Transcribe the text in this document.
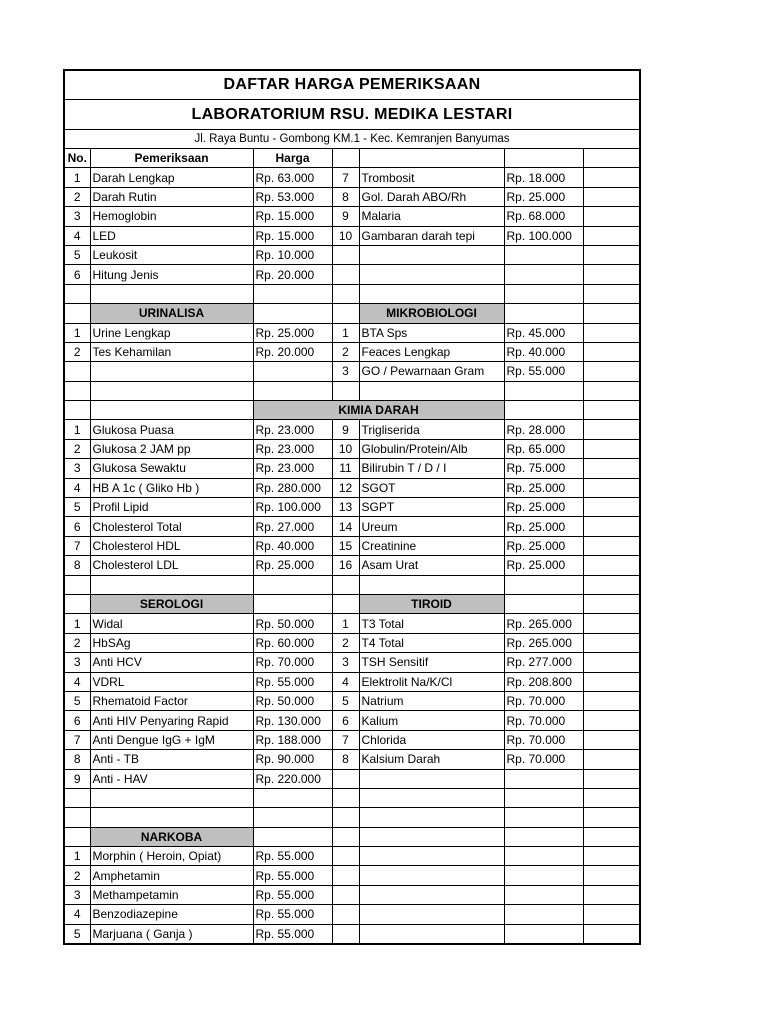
DAFTAR HARGA PEMERIKSAAN
LABORATORIUM RSU. MEDIKA LESTARI
Jl. Raya Buntu - Gombong KM.1 - Kec. Kemranjen Banyumas
No.	Pemeriksaan	Harga				
1	Darah Lengkap	Rp. 63.000	7	Trombosit	Rp. 18.000	
2	Darah Rutin	Rp. 53.000	8	Gol. Darah ABO/Rh	Rp. 25.000	
3	Hemoglobin	Rp. 15.000	9	Malaria	Rp. 68.000	
4	LED	Rp. 15.000	10	Gambaran darah tepi	Rp. 100.000	
5	Leukosit	Rp. 10.000				
6	Hitung Jenis	Rp. 20.000				

	URINALISA			MIKROBIOLOGI		
1	Urine Lengkap	Rp. 25.000	1	BTA Sps	Rp. 45.000	
2	Tes Kehamilan	Rp. 20.000	2	Feaces Lengkap	Rp. 40.000	
			3	GO / Pewarnaan Gram	Rp. 55.000	

		KIMIA DARAH				
1	Glukosa Puasa	Rp. 23.000	9	Trigliserida	Rp. 28.000	
2	Glukosa 2 JAM pp	Rp. 23.000	10	Globulin/Protein/Alb	Rp. 65.000	
3	Glukosa Sewaktu	Rp. 23.000	11	Bilirubin T / D / I	Rp. 75.000	
4	HB A 1c ( Gliko Hb )	Rp. 280.000	12	SGOT	Rp. 25.000	
5	Profil Lipid	Rp. 100.000	13	SGPT	Rp. 25.000	
6	Cholesterol Total	Rp. 27.000	14	Ureum	Rp. 25.000	
7	Cholesterol HDL	Rp. 40.000	15	Creatinine	Rp. 25.000	
8	Cholesterol LDL	Rp. 25.000	16	Asam Urat	Rp. 25.000	

	SEROLOGI			TIROID		
1	Widal	Rp. 50.000	1	T3 Total	Rp. 265.000	
2	HbSAg	Rp. 60.000	2	T4 Total	Rp. 265.000	
3	Anti HCV	Rp. 70.000	3	TSH Sensitif	Rp. 277.000	
4	VDRL	Rp. 55.000	4	Elektrolit Na/K/Cl	Rp. 208.800	
5	Rhematoid Factor	Rp. 50.000	5	Natrium	Rp. 70.000	
6	Anti HIV Penyaring Rapid	Rp. 130.000	6	Kalium	Rp. 70.000	
7	Anti Dengue IgG + IgM	Rp. 188.000	7	Chlorida	Rp. 70.000	
8	Anti - TB	Rp. 90.000	8	Kalsium Darah	Rp. 70.000	
9	Anti - HAV	Rp. 220.000				

	NARKOBA					
1	Morphin ( Heroin, Opiat)	Rp. 55.000				
2	Amphetamin	Rp. 55.000				
3	Methampetamin	Rp. 55.000				
4	Benzodiazepine	Rp. 55.000				
5	Marjuana ( Ganja )	Rp. 55.000				
